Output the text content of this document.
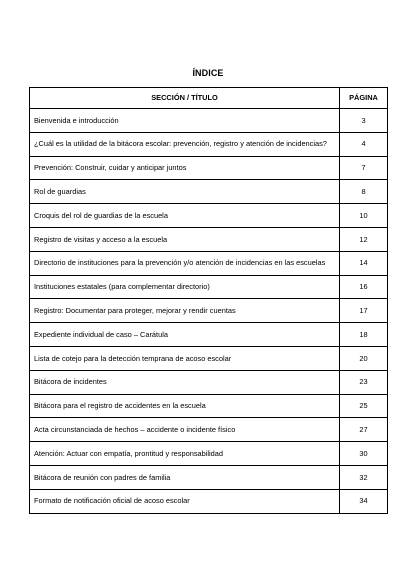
ÍNDICE
SECCIÓN / TÍTULO	PÁGINA
Bienvenida e introducción	3
¿Cuál es la utilidad de la bitácora escolar: prevención, registro y atención de incidencias?	4
Prevención: Construir, cuidar y anticipar juntos	7
Rol de guardias	8
Croquis del rol de guardias de la escuela	10
Registro de visitas y acceso a la escuela	12
Directorio de instituciones para la prevención y/o atención de incidencias en las escuelas	14
Instituciones estatales (para complementar directorio)	16
Registro: Documentar para proteger, mejorar y rendir cuentas	17
Expediente individual de caso – Carátula	18
Lista de cotejo para la detección temprana de acoso escolar	20
Bitácora de incidentes	23
Bitácora para el registro de accidentes en la escuela	25
Acta circunstanciada de hechos – accidente o incidente físico	27
Atención: Actuar con empatía, prontitud y responsabilidad	30
Bitácora de reunión con padres de familia	32
Formato de notificación oficial de acoso escolar	34
